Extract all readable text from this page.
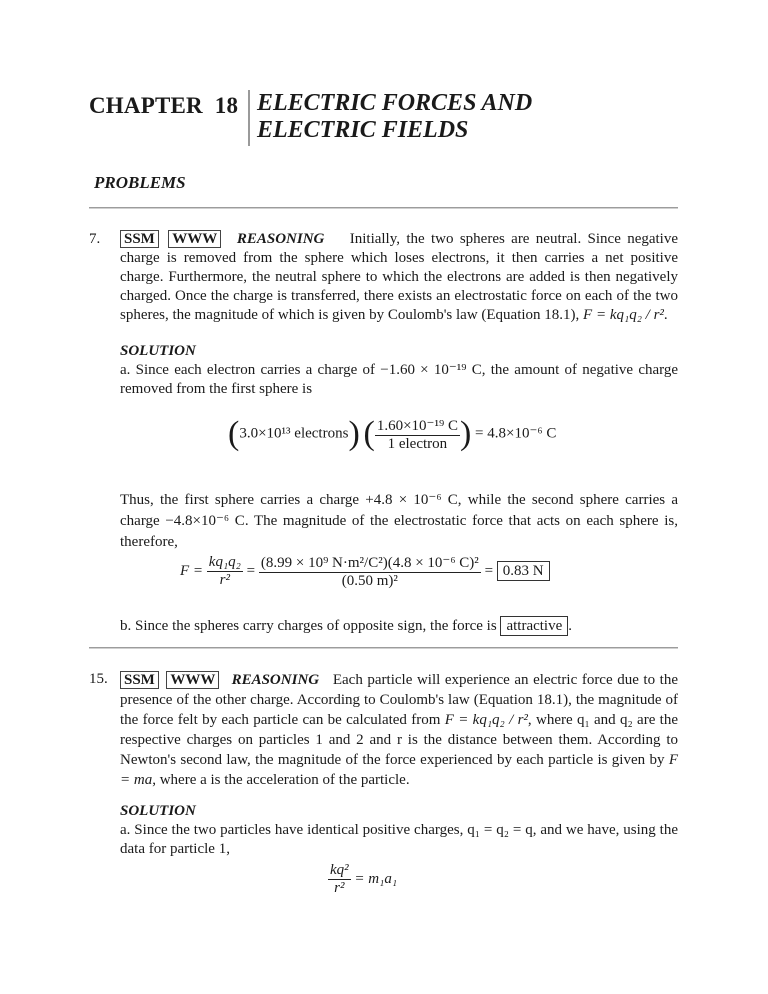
CHAPTER 18 ELECTRIC FORCES AND
ELECTRIC FIELDS
PROBLEMS
7. SSM WWW REASONING Initially, the two spheres are neutral. Since negative charge is removed from the sphere which loses electrons, it then carries a net positive charge. Furthermore, the neutral sphere to which the electrons are added is then negatively charged. Once the charge is transferred, there exists an electrostatic force on each of the two spheres, the magnitude of which is given by Coulomb's law (Equation 18.1), F = kq₁q₂ / r².
SOLUTION
a. Since each electron carries a charge of −1.60 × 10⁻¹⁹ C, the amount of negative charge removed from the first sphere is
(3.0×10¹³ electrons) ( $\frac{\text{1.60×10⁻¹⁹ C}}{\text{1 electron}}$ ) = 4.8×10⁻⁶ C
Thus, the first sphere carries a charge +4.8 × 10⁻⁶ C, while the second sphere carries a charge −4.8×10⁻⁶ C. The magnitude of the electrostatic force that acts on each sphere is, therefore,
$F = \frac{\text{kq₁q₂}}{\text{r²}} = \frac{\text{(8.99 × 10⁹ N·m²/C²)(4.8 × 10⁻⁶ C)²}}{\text{(0.50 m)²}} = 0.83$ N
b. Since the spheres carry charges of opposite sign, the force is attractive .
15. SSM WWW REASONING Each particle will experience an electric force due to the presence of the other charge. According to Coulomb's law (Equation 18.1), the magnitude of the force felt by each particle can be calculated from F = kq₁q₂ / r², where q₁ and q₂ are the respective charges on particles 1 and 2 and r is the distance between them. According to Newton's second law, the magnitude of the force experienced by each particle is given by F = ma, where a is the acceleration of the particle.
SOLUTION
a. Since the two particles have identical positive charges, q₁ = q₂ = q, and we have, using the data for particle 1,
$\frac{\text{kq²}}{\text{r²}} = m_1a_1$
